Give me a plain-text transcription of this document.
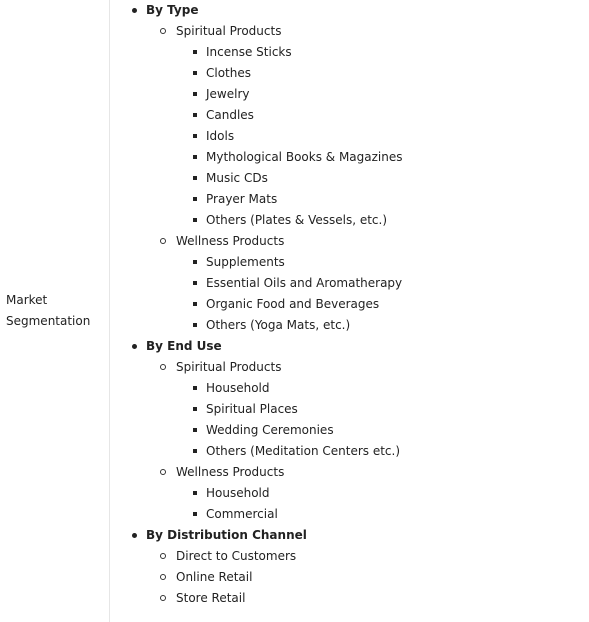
Market
Segmentation
By Type
Spiritual Products
Incense Sticks
Clothes
Jewelry
Candles
Idols
Mythological Books & Magazines
Music CDs
Prayer Mats
Others (Plates & Vessels, etc.)
Wellness Products
Supplements
Essential Oils and Aromatherapy
Organic Food and Beverages
Others (Yoga Mats, etc.)
By End Use
Spiritual Products
Household
Spiritual Places
Wedding Ceremonies
Others (Meditation Centers etc.)
Wellness Products
Household
Commercial
By Distribution Channel
Direct to Customers
Online Retail
Store Retail
